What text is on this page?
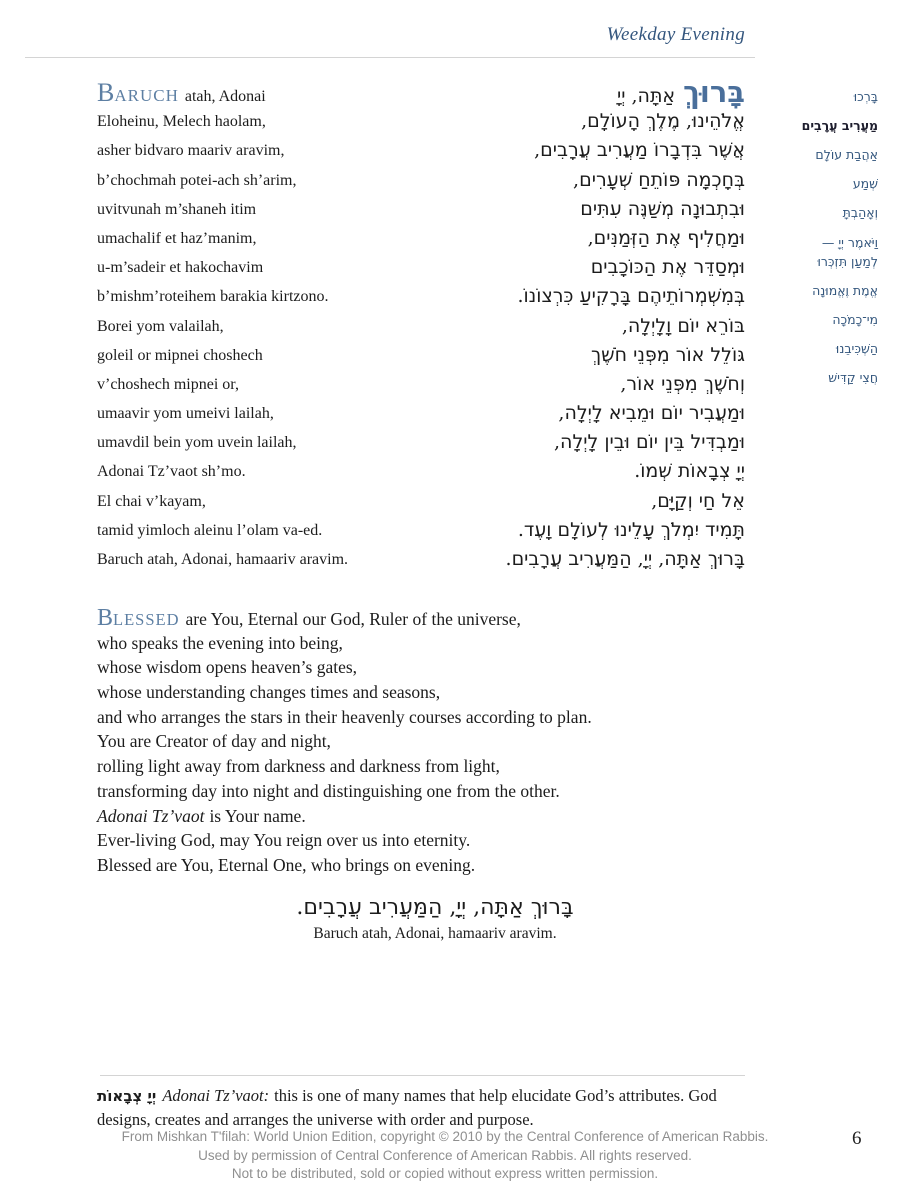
Weekday Evening
BARUCH atah, Adonai
Eloheinu, Melech haolam,
asher bidvaro maariv aravim,
b’chochmah potei-ach sh’arim,
uvitvunah m’shaneh itim
umachalif et haz’manim,
u-m’sadeir et hakochavim
b’mishm’roteihem barakia kirtzono.
Borei yom valailah,
goleil or mipnei choshech
v’choshech mipnei or,
umaavir yom umeivi lailah,
umavdil bein yom uvein lailah,
Adonai Tz’vaot sh’mo.
El chai v’kayam,
tamid yimloch aleinu l’olam va-ed.
Baruch atah, Adonai, hamaariv aravim.
בָּרוּךְאַתָּה, יְיָ
אֱלֹהֵינוּ, מֶלֶךְ הָעוֹלָם,
אֲשֶׁר בִּדְבָרוֹ מַעֲרִיב עֲרָבִים,
בְּחָכְמָה פּוֹתֵחַ שְׁעָרִים,
וּבִתְבוּנָה מְשַׁנֶּה עִתִּים
וּמַחֲלִיף אֶת הַזְּמַנִּים,
וּמְסַדֵּר אֶת הַכּוֹכָבִים
בְּמִשְׁמְרוֹתֵיהֶם בָּרָקִיעַ כִּרְצוֹנוֹ.
בּוֹרֵא יוֹם וָלָיְלָה,
גּוֹלֵל אוֹר מִפְּנֵי חֹשֶׁךְ
וְחֹשֶׁךְ מִפְּנֵי אוֹר,
וּמַעֲבִיר יוֹם וּמֵבִיא לָיְלָה,
וּמַבְדִּיל בֵּין יוֹם וּבֵין לָיְלָה,
יְיָ צְבָאוֹת שְׁמוֹ.
אֵל חַי וְקַיָּם,
תָּמִיד יִמְלֹךְ עָלֵינוּ לְעוֹלָם וָעֶד.
בָּרוּךְ אַתָּה, יְיָ, הַמַּעֲרִיב עֲרָבִים.
בָּרְכוּ
מַעֲרִיב עֲרָבִים
אַהֲבַת עוֹלָם
שְׁמַע
וְאָהַבְתָּ
וַיֹּאמֶר יְיָ —
לְמַעַן תִּזְכְּרוּ
אֱמֶת וֶאֱמוּנָה
מִי־כָמֹכָה
הַשְׁכִּיבֵנוּ
חֲצִי קַדִּישׁ
BLESSED are You, Eternal our God, Ruler of the universe,
who speaks the evening into being,
whose wisdom opens heaven’s gates,
whose understanding changes times and seasons,
and who arranges the stars in their heavenly courses according to plan.
You are Creator of day and night,
rolling light away from darkness and darkness from light,
transforming day into night and distinguishing one from the other.
Adonai Tz’vaot is Your name.
Ever-living God, may You reign over us into eternity.
Blessed are You, Eternal One, who brings on evening.
בָּרוּךְ אַתָּה, יְיָ, הַמַּעֲרִיב עֲרָבִים.
Baruch atah, Adonai, hamaariv aravim.
יְיָ צְבָאוֹת Adonai Tz’vaot: this is one of many names that help elucidate God’s attributes. God designs, creates and arranges the universe with order and purpose.
From Mishkan T'filah: World Union Edition, copyright © 2010 by the Central Conference of American Rabbis.
Used by permission of Central Conference of American Rabbis. All rights reserved.
Not to be distributed, sold or copied without express written permission.
6
